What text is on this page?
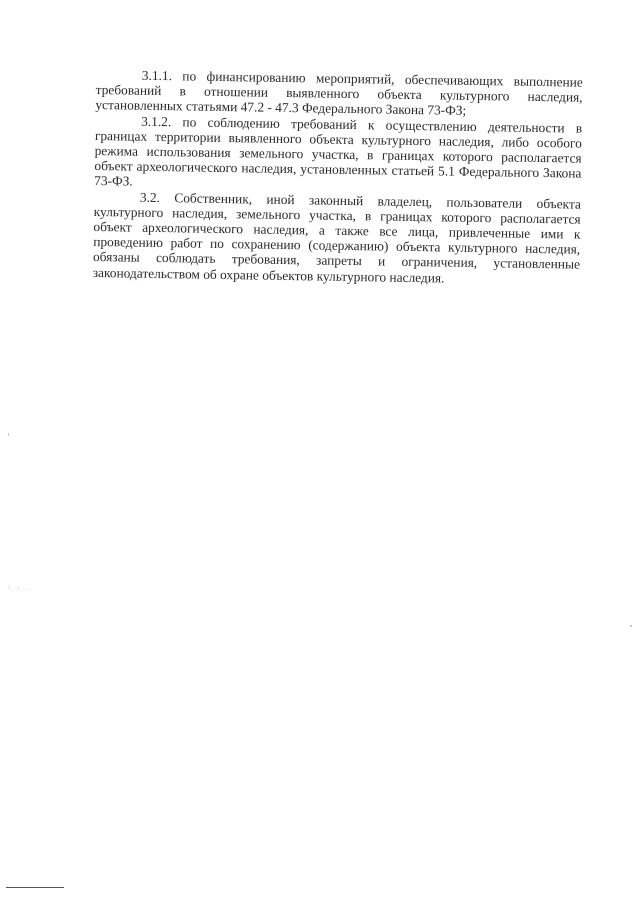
3.1.1. по финансированию мероприятий, обеспечивающих выполнение требований в отношении выявленного объекта культурного наследия, установленных статьями 47.2 - 47.3 Федерального Закона 73-ФЗ;

3.1.2. по соблюдению требований к осуществлению деятельности в границах территории выявленного объекта культурного наследия, либо особого режима использования земельного участка, в границах которого располагается объект археологического наследия, установленных статьей 5.1 Федерального Закона 73-ФЗ.

3.2. Собственник, иной законный владелец, пользователи объекта культурного наследия, земельного участка, в границах которого располагается объект археологического наследия, а также все лица, привлеченные ими к проведению работ по сохранению (содержанию) объекта культурного наследия, обязаны соблюдать требования, запреты и ограничения, установленные законодательством об охране объектов культурного наследия.

\.·/.·:·
